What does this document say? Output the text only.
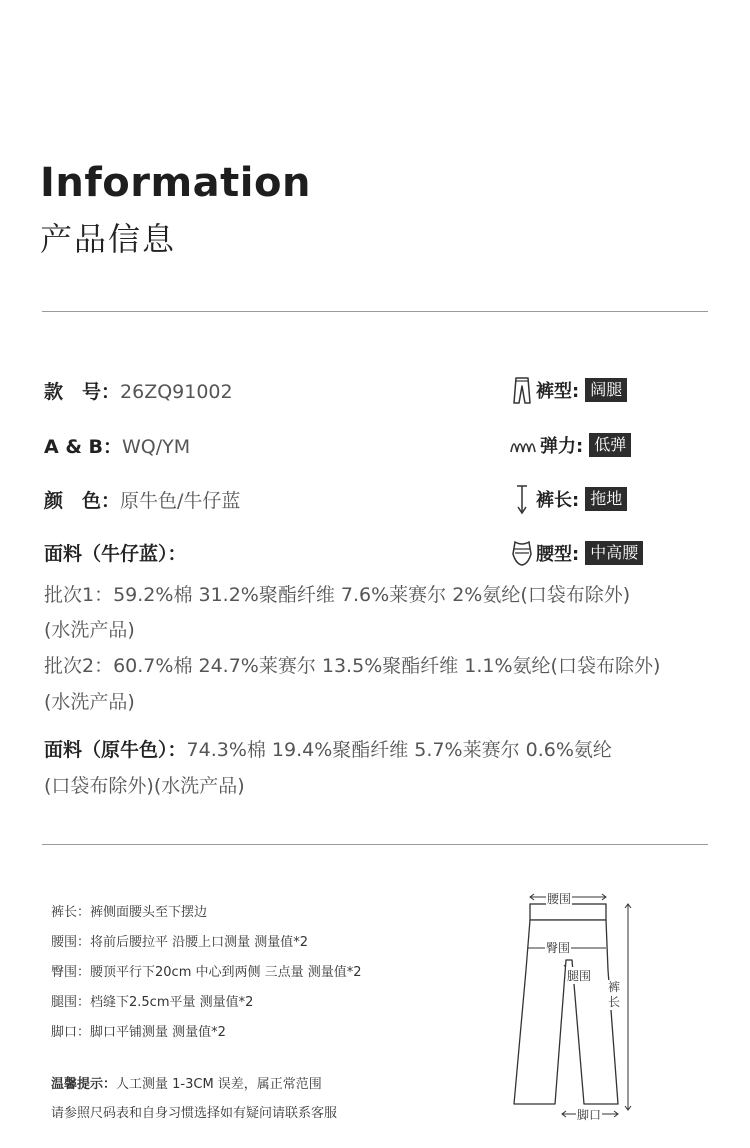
Information
产品信息
款　号：26ZQ91002
A & B：WQ/YM
颜　色：原牛色/牛仔蓝
裤型: 阔腿
弹力: 低弹
裤长: 拖地
腰型: 中高腰
面料（牛仔蓝）：
批次1：59.2%棉 31.2%聚酯纤维 7.6%莱赛尔 2%氨纶(口袋布除外)
(水洗产品)
批次2：60.7%棉 24.7%莱赛尔 13.5%聚酯纤维 1.1%氨纶(口袋布除外)
(水洗产品)
面料（原牛色）：74.3%棉 19.4%聚酯纤维 5.7%莱赛尔 0.6%氨纶
(口袋布除外)(水洗产品)
裤长：裤侧面腰头至下摆边
腰围：将前后腰拉平 沿腰上口测量 测量值*2
臀围：腰顶平行下20cm 中心到两侧 三点量 测量值*2
腿围：档缝下2.5cm平量 测量值*2
脚口：脚口平铺测量 测量值*2
温馨提示：人工测量 1-3CM 误差，属正常范围
请参照尺码表和自身习惯选择如有疑问请联系客服
腰围
臀围
腿围
裤长
脚口
